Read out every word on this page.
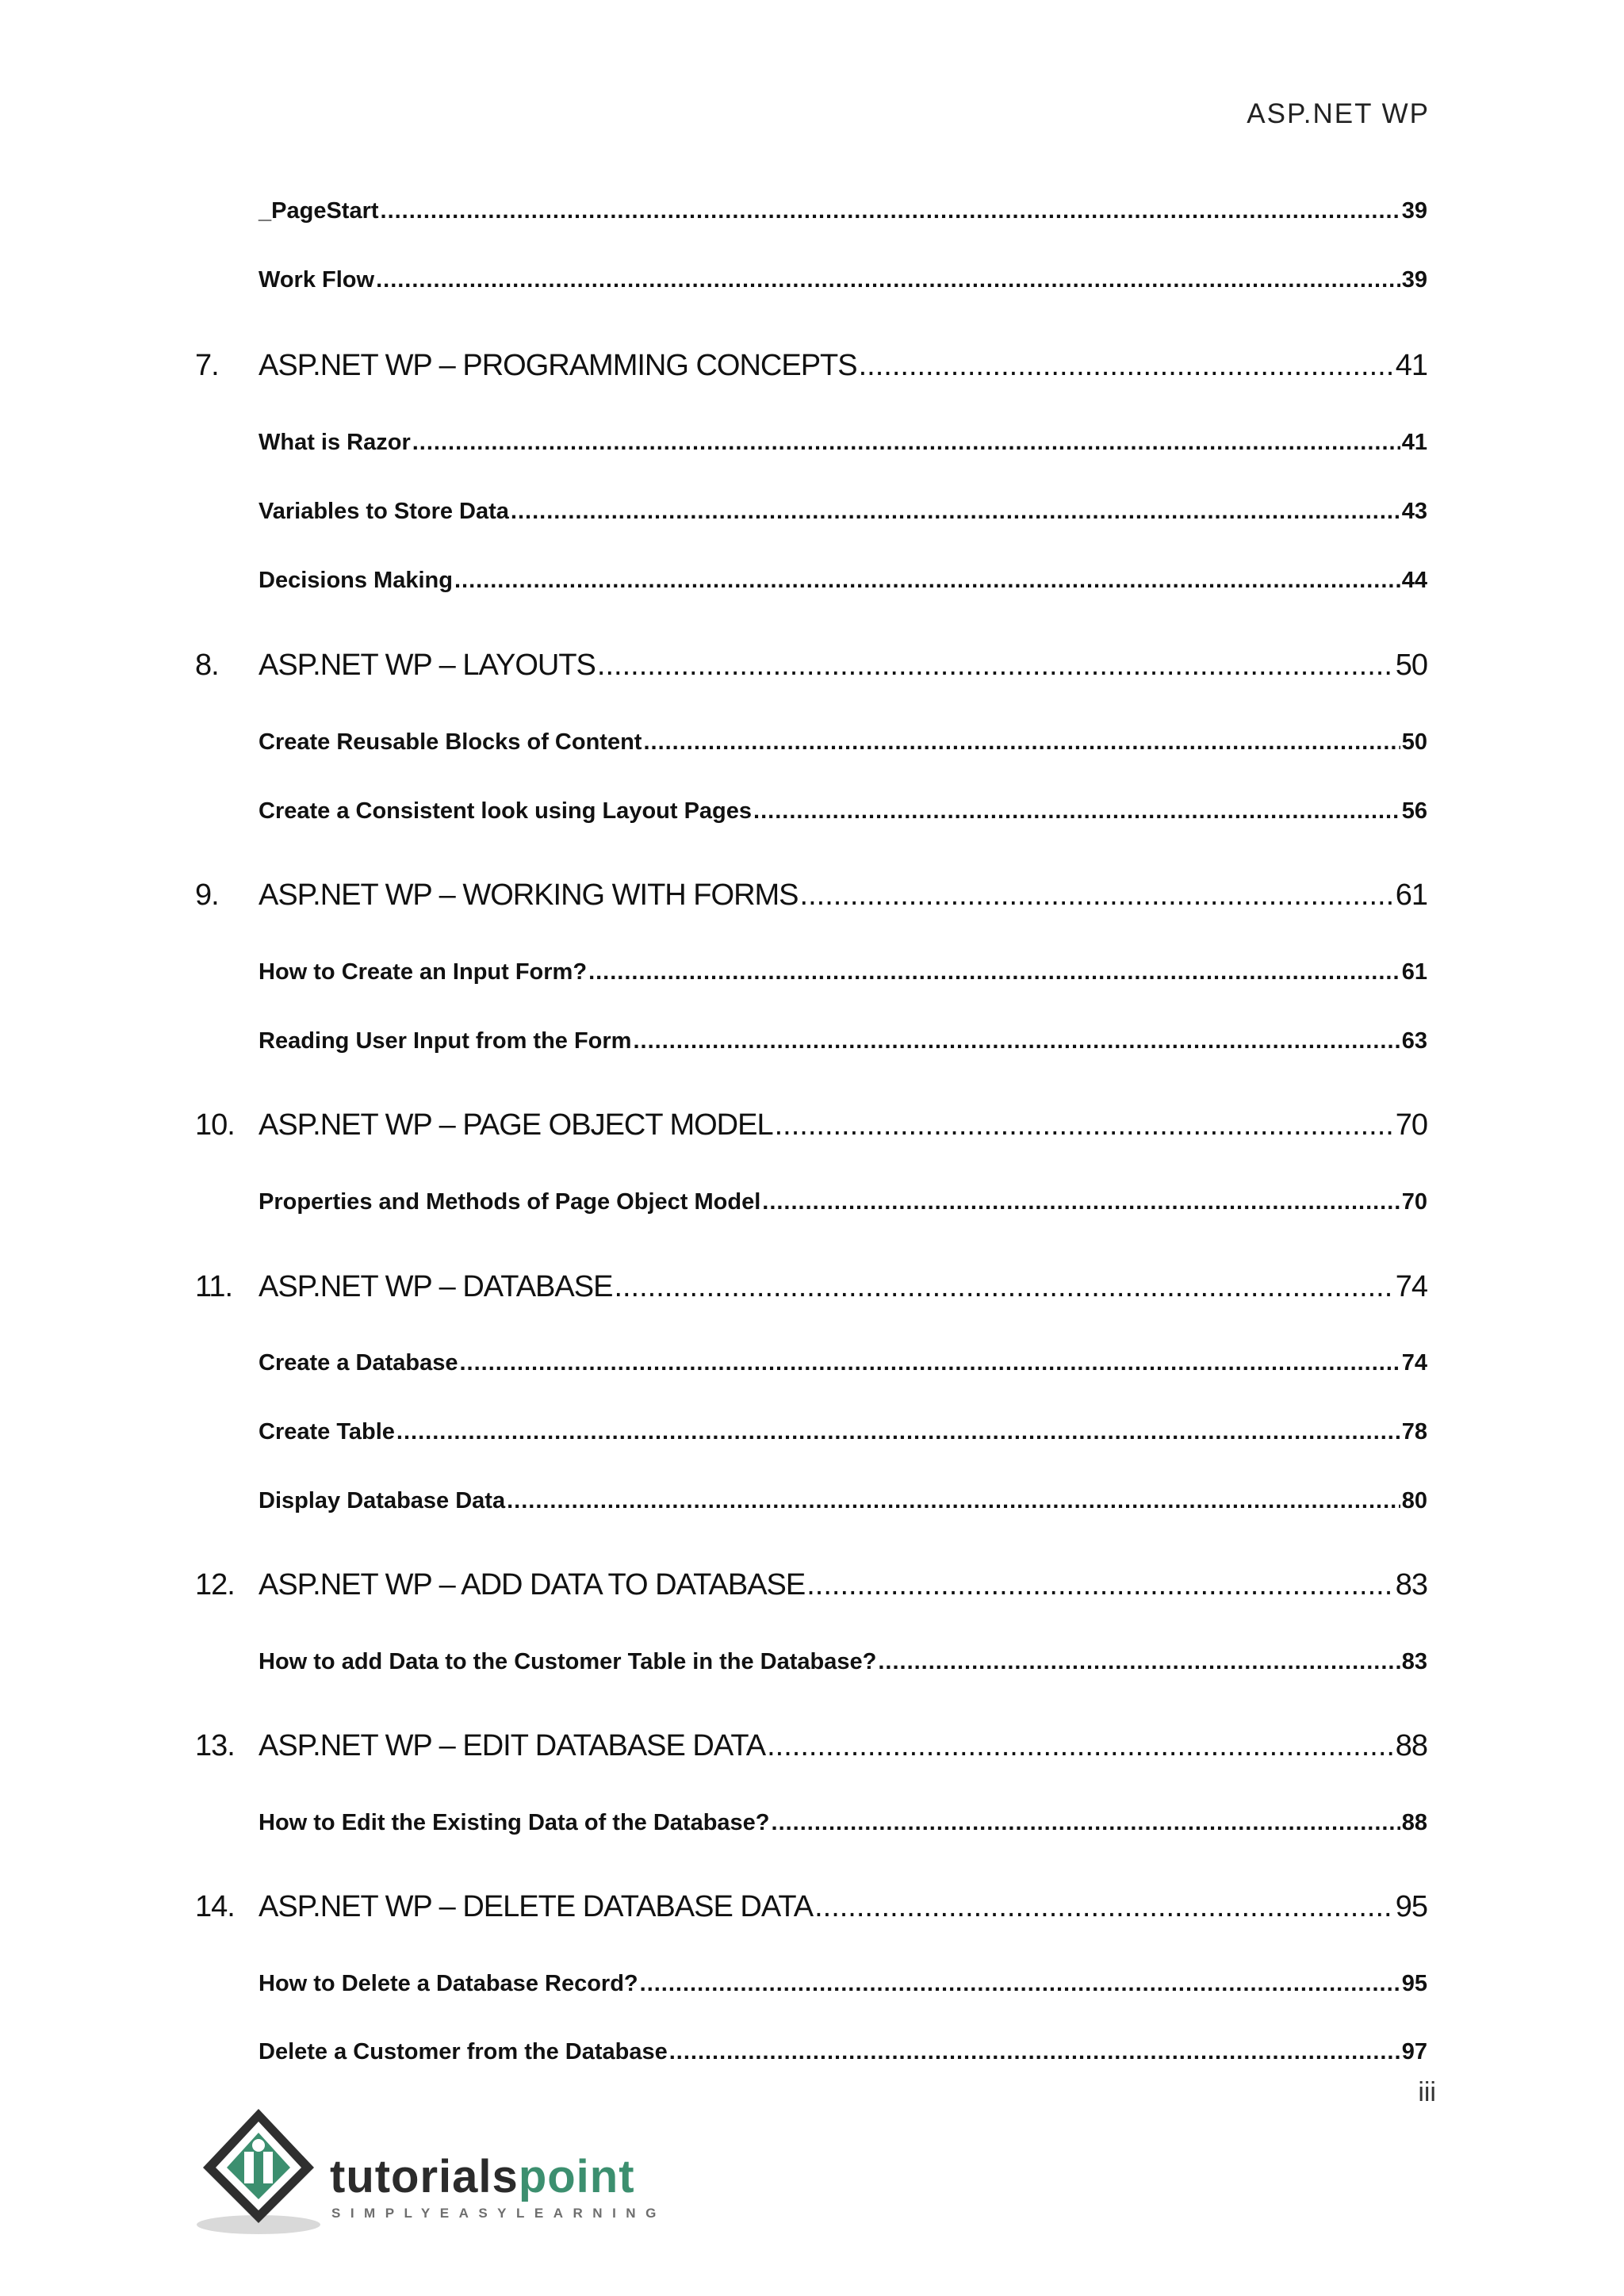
ASP.NET WP
_PageStart .....	39
Work Flow .....	39
7.	ASP.NET WP – PROGRAMMING CONCEPTS .....	41
What is Razor .....	41
Variables to Store Data .....	43
Decisions Making .....	44
8.	ASP.NET WP – LAYOUTS .....	50
Create Reusable Blocks of Content .....	50
Create a Consistent look using Layout Pages .....	56
9.	ASP.NET WP – WORKING WITH FORMS .....	61
How to Create an Input Form? .....	61
Reading User Input from the Form .....	63
10. ASP.NET WP – PAGE OBJECT MODEL .....	70
Properties and Methods of Page Object Model .....	70
11. ASP.NET WP – DATABASE .....	74
Create a Database .....	74
Create Table .....	78
Display Database Data .....	80
12. ASP.NET WP – ADD DATA TO DATABASE .....	83
How to add Data to the Customer Table in the Database? .....	83
13. ASP.NET WP – EDIT DATABASE DATA .....	88
How to Edit the Existing Data of the Database? .....	88
14. ASP.NET WP – DELETE DATABASE DATA .....	95
How to Delete a Database Record? .....	95
Delete a Customer from the Database .....	97
iii
tutorialspoint
SIMPLYEASYLEARNING
